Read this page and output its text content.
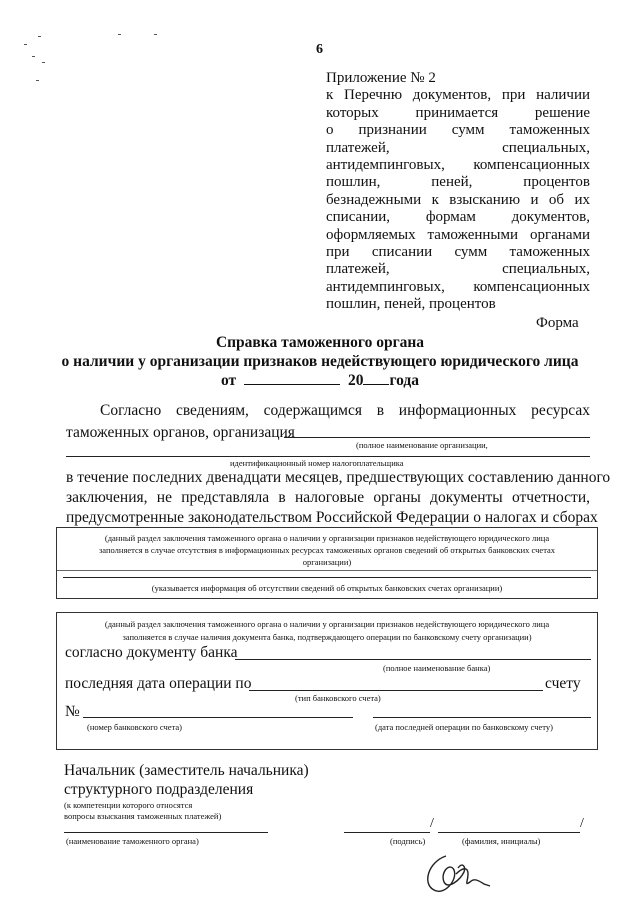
6
Приложение № 2
к Перечню документов, при наличии
которых принимается решение
о признании сумм таможенных
платежей, специальных,
антидемпинговых, компенсационных
пошлин, пеней, процентов
безнадежными к взысканию и об их
списании, формам документов,
оформляемых таможенными органами
при списании сумм таможенных
платежей, специальных,
антидемпинговых, компенсационных
пошлин, пеней, процентов
Форма
Справка таможенного органа
о наличии у организации признаков недействующего юридического лица
от	20 года
Согласно сведениям, содержащимся в информационных ресурсах
таможенных органов, организация
(полное наименование организации,
идентификационный номер налогоплательщика
в течение последних двенадцати месяцев, предшествующих составлению данного
заключения, не представляла в налоговые органы документы отчетности,
предусмотренные законодательством Российской Федерации о налогах и сборах
(данный раздел заключения таможенного органа о наличии у организации признаков недействующего юридического лица
заполняется в случае отсутствия в информационных ресурсах таможенных органов сведений об открытых банковских счетах
организации)
(указывается информация об отсутствии сведений об открытых банковских счетах организации)
(данный раздел заключения таможенного органа о наличии у организации признаков недействующего юридического лица
заполняется в случае наличия документа банка, подтверждающего операции по банковскому счету организации)
согласно документу банка
(полное наименование банка)
последняя дата операции по	счету
(тип банковского счета)
№
(номер банковского счета)	(дата последней операции по банковскому счету)
Начальник (заместитель начальника)
структурного подразделения
(к компетенции которого относятся
вопросы взыскания таможенных платежей)
(наименование таможенного органа)
/	/
(подпись)	(фамилия, инициалы)
